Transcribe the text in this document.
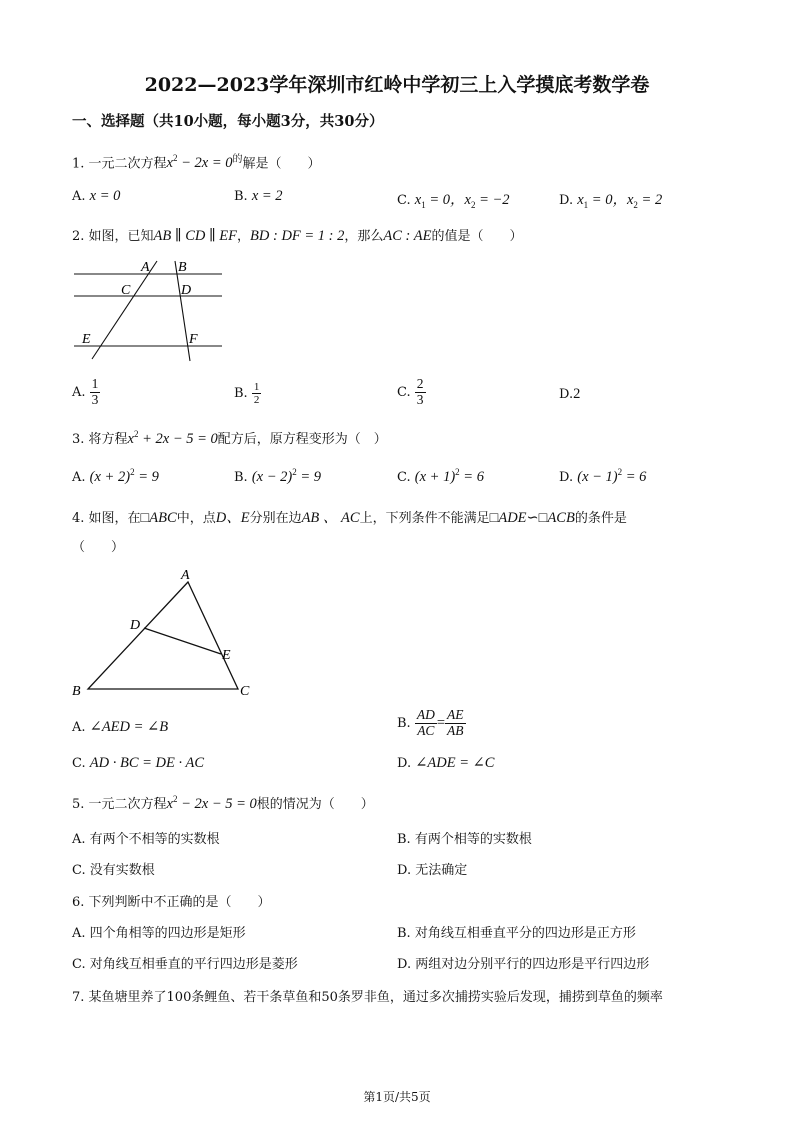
2022—2023学年深圳市红岭中学初三上入学摸底考数学卷
一、选择题（共10小题，每小题3分，共30分）
1. 一元二次方程$x^2 - 2x = 0^的$解是（　　）
A. x = 0	B. x = 2	C. $x_1 = 0$，$x_2 = -2$	D. $x_1 = 0$，$x_2 = 2$
2. 如图，已知AB ∥ CD ∥ EF，BD : DF = 1 : 2，那么AC : AE的值是（　　）
A B
C	D
E	F
A. $\frac{1}{3}$	B. $\frac{1}{2}$	C. $\frac{2}{3}$	D.2
3. 将方程$x^2 + 2x - 5 = 0$配方后，原方程变形为（　）
A. $(x + 2)^2 = 9$	B. $(x - 2)^2 = 9$	C. $(x + 1)^2 = 6$	D. $(x - 1)^2 = 6$
4. 如图，在□ABC中，点D、E分别在边AB 、 AC上，下列条件不能满足□ADE∽□ACB的条件是
（　　）
A
D
E
B	C
A. ∠AED = ∠B	B. $\frac{AD}{AC} = \frac{AE}{AB}$
C. AD · BC = DE · AC	D. ∠ADE = ∠C
5. 一元二次方程$x^2 - 2x - 5 = 0$根的情况为（　　）
A. 有两个不相等的实数根	B. 有两个相等的实数根
C. 没有实数根	D. 无法确定
6. 下列判断中不正确的是（　　）
A. 四个角相等的四边形是矩形	B. 对角线互相垂直平分的四边形是正方形
C. 对角线互相垂直的平行四边形是菱形	D. 两组对边分别平行的四边形是平行四边形
7. 某鱼塘里养了100条鲤鱼、若干条草鱼和50条罗非鱼，通过多次捕捞实验后发现，捕捞到草鱼的频率
第1页/共5页
